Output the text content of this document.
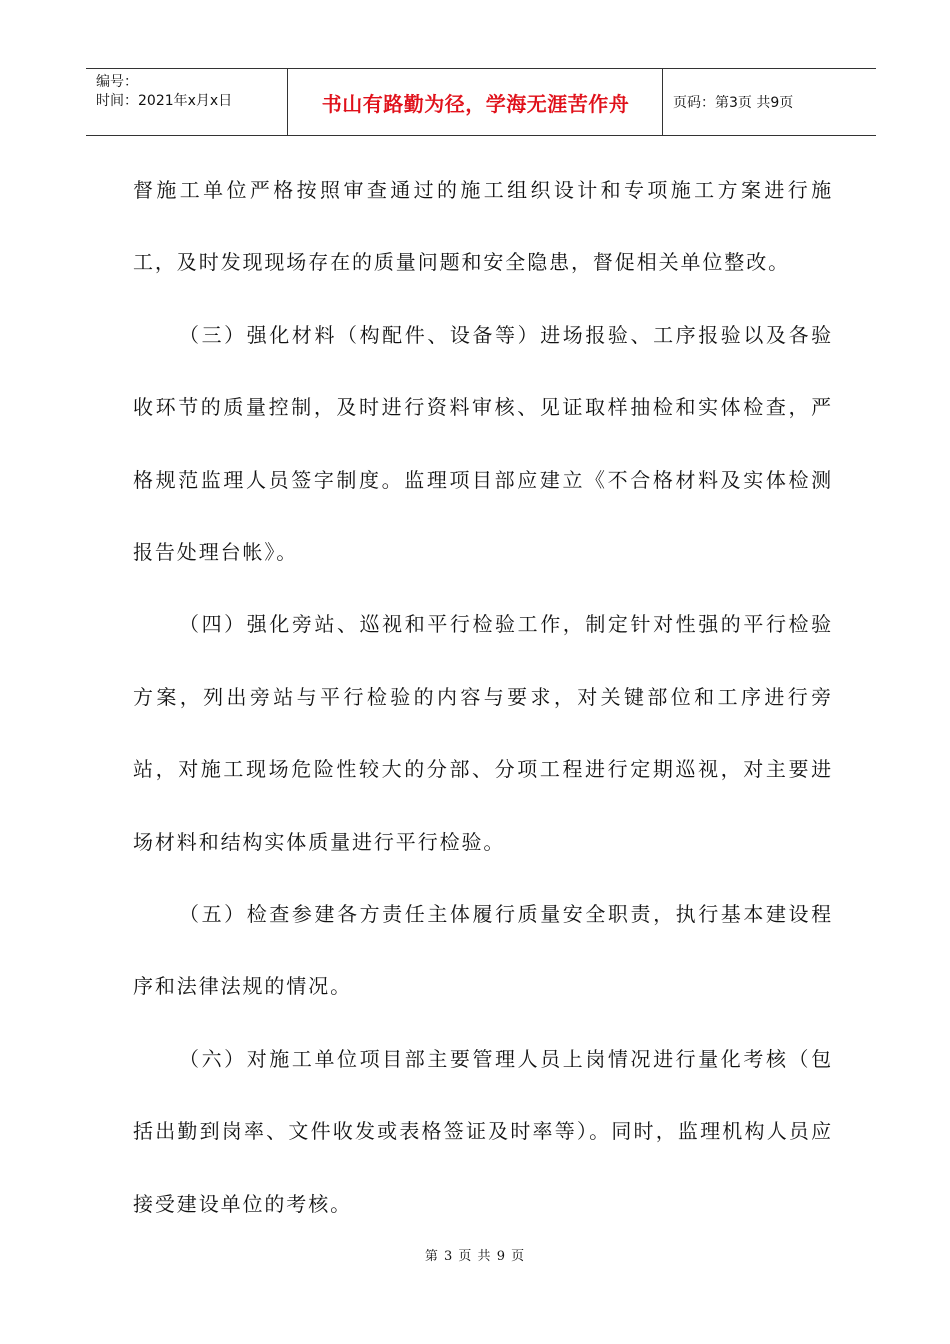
编号：
时间：2021年x月x日	书山有路勤为径，学海无涯苦作舟	页码：第3页 共9页

督施工单位严格按照审查通过的施工组织设计和专项施工方案进行施工，及时发现现场存在的质量问题和安全隐患，督促相关单位整改。

（三）强化材料（构配件、设备等）进场报验、工序报验以及各验收环节的质量控制，及时进行资料审核、见证取样抽检和实体检查，严格规范监理人员签字制度。监理项目部应建立《不合格材料及实体检测报告处理台帐》。

（四）强化旁站、巡视和平行检验工作，制定针对性强的平行检验方案，列出旁站与平行检验的内容与要求，对关键部位和工序进行旁站，对施工现场危险性较大的分部、分项工程进行定期巡视，对主要进场材料和结构实体质量进行平行检验。

（五）检查参建各方责任主体履行质量安全职责，执行基本建设程序和法律法规的情况。

（六）对施工单位项目部主要管理人员上岗情况进行量化考核（包括出勤到岗率、文件收发或表格签证及时率等）。同时，监理机构人员应接受建设单位的考核。

第 3 页 共 9 页
